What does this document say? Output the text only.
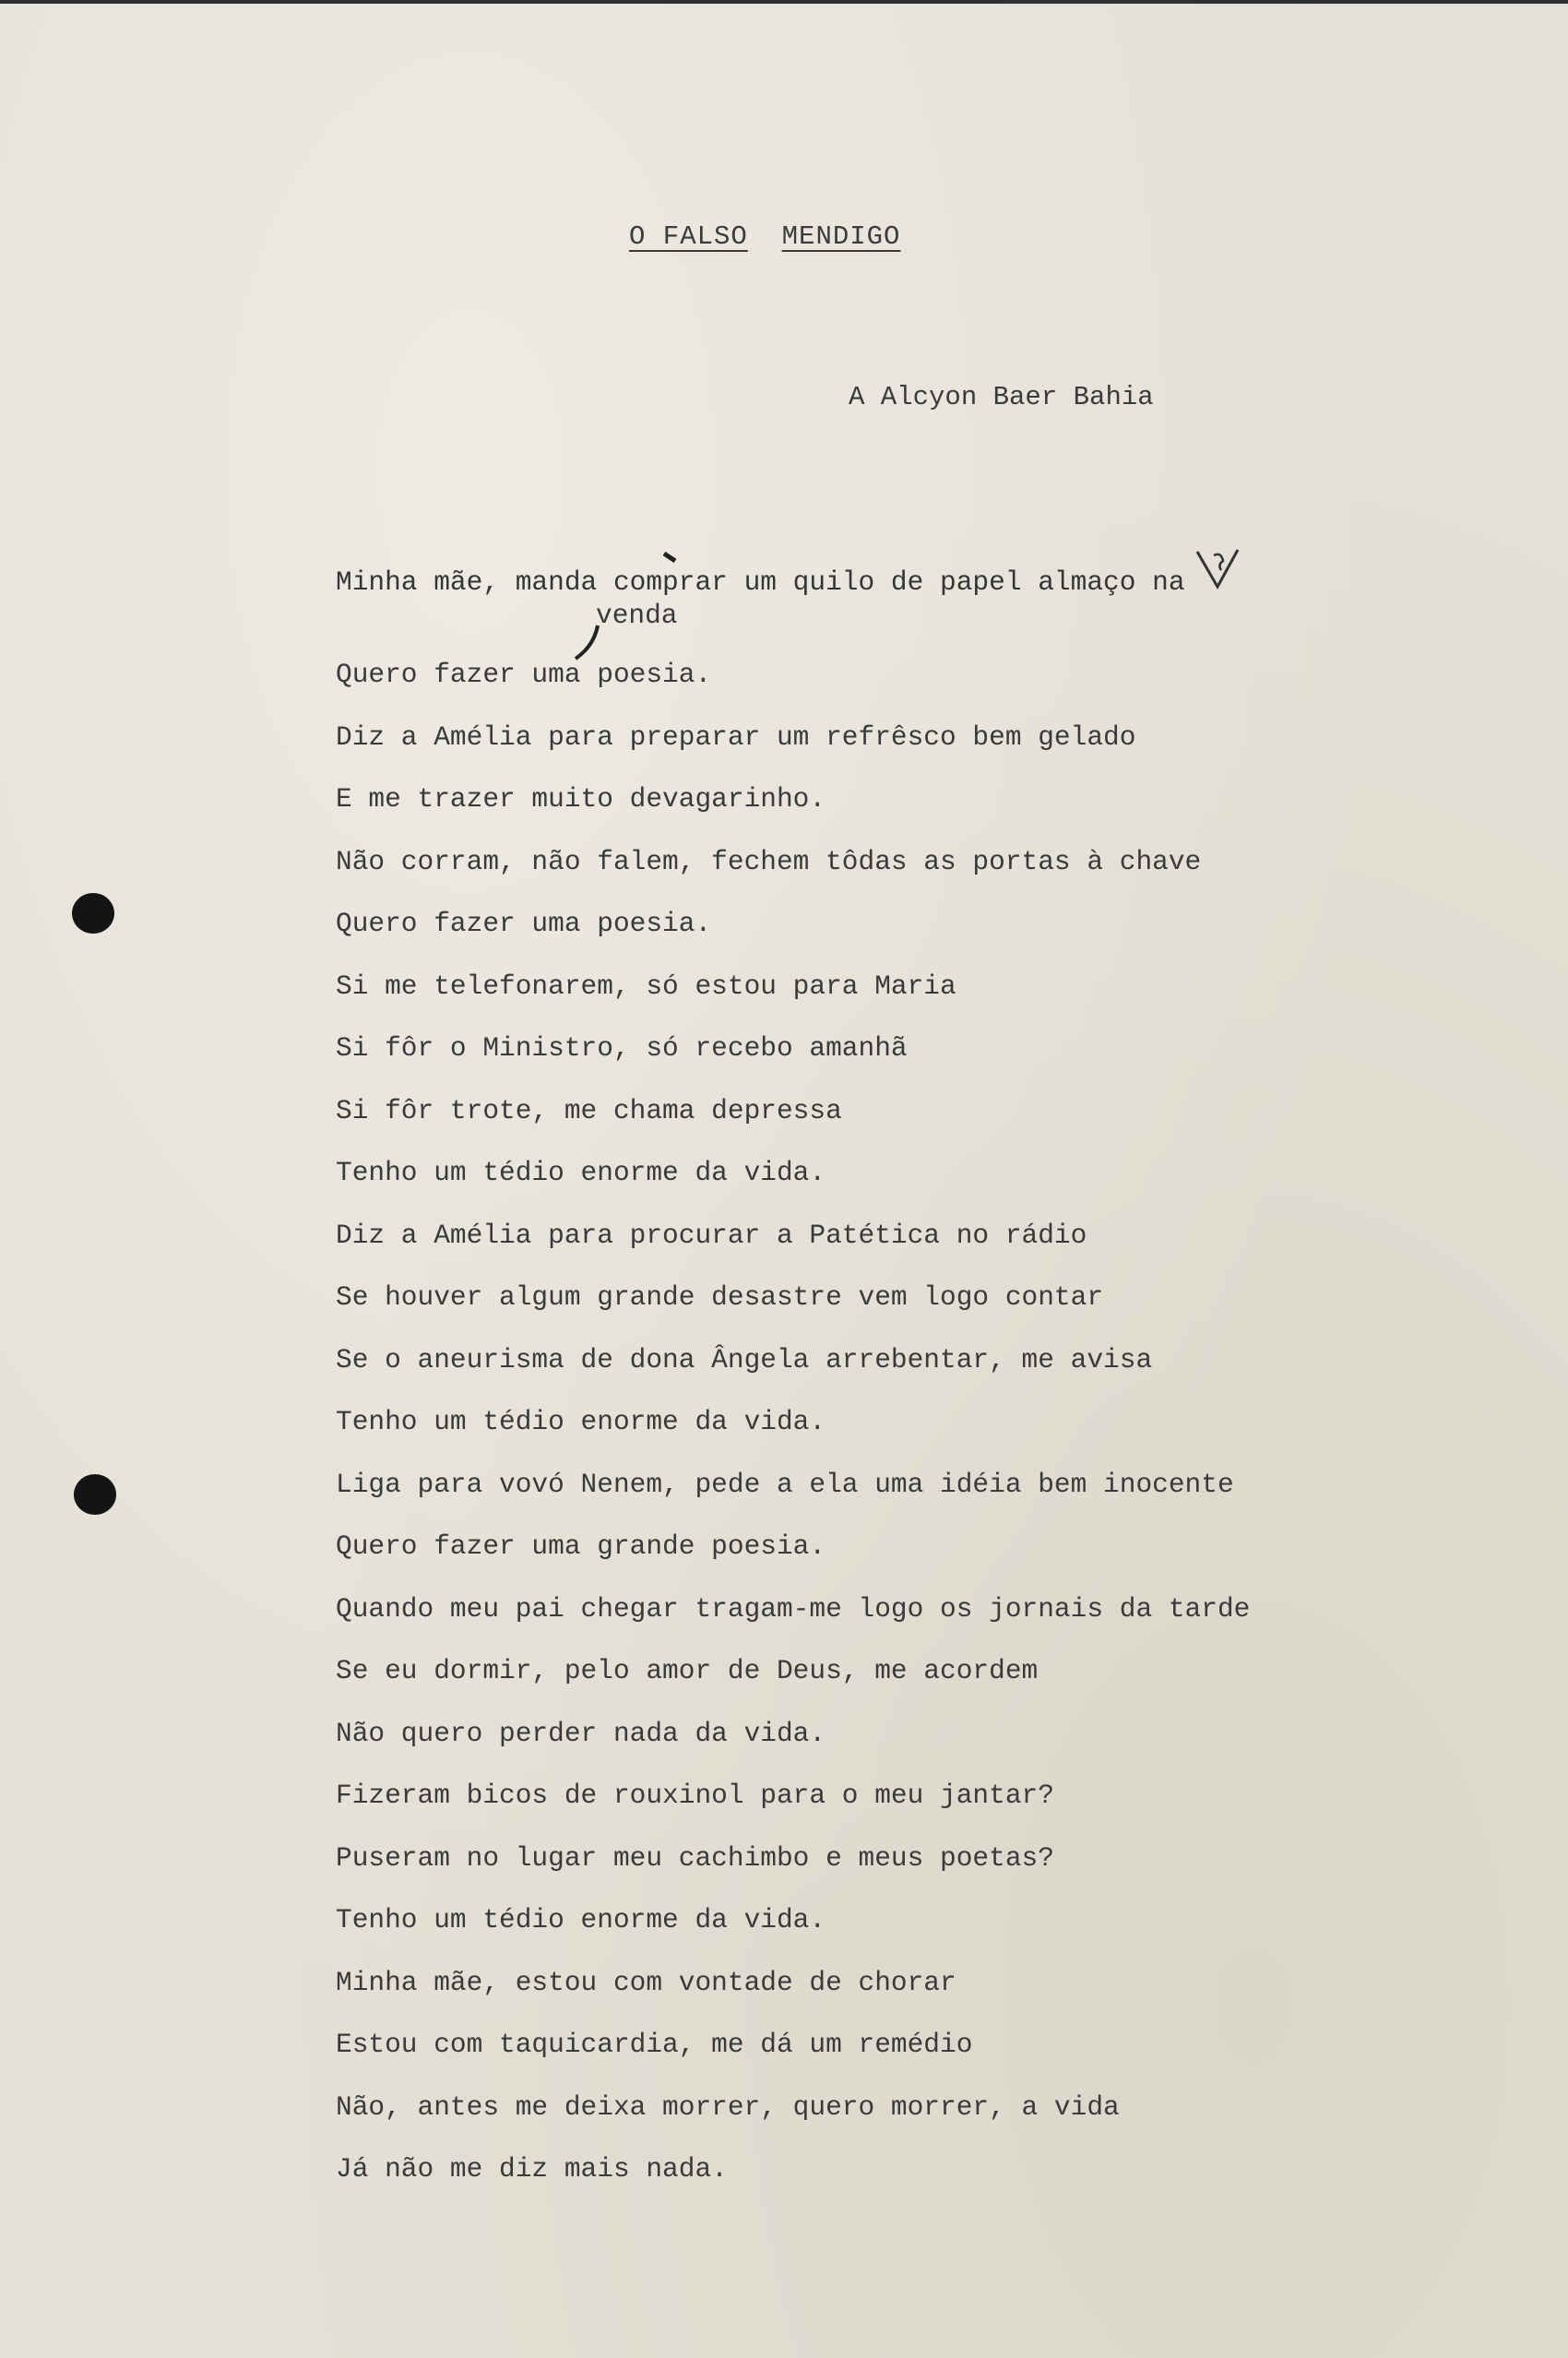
O FALSO MENDIGO
A Alcyon Baer Bahia
Minha mãe, manda comprar um quilo de papel almaço na
venda
Quero fazer uma poesia.
Diz a Amélia para preparar um refrêsco bem gelado
E me trazer muito devagarinho.
Não corram, não falem, fechem tôdas as portas à chave
Quero fazer uma poesia.
Si me telefonarem, só estou para Maria
Si fôr o Ministro, só recebo amanhã
Si fôr trote, me chama depressa
Tenho um tédio enorme da vida.
Diz a Amélia para procurar a Patética no rádio
Se houver algum grande desastre vem logo contar
Se o aneurisma de dona Ângela arrebentar, me avisa
Tenho um tédio enorme da vida.
Liga para vovó Nenem, pede a ela uma idéia bem inocente
Quero fazer uma grande poesia.
Quando meu pai chegar tragam-me logo os jornais da tarde
Se eu dormir, pelo amor de Deus, me acordem
Não quero perder nada da vida.
Fizeram bicos de rouxinol para o meu jantar?
Puseram no lugar meu cachimbo e meus poetas?
Tenho um tédio enorme da vida.
Minha mãe, estou com vontade de chorar
Estou com taquicardia, me dá um remédio
Não, antes me deixa morrer, quero morrer, a vida
Já não me diz mais nada.
